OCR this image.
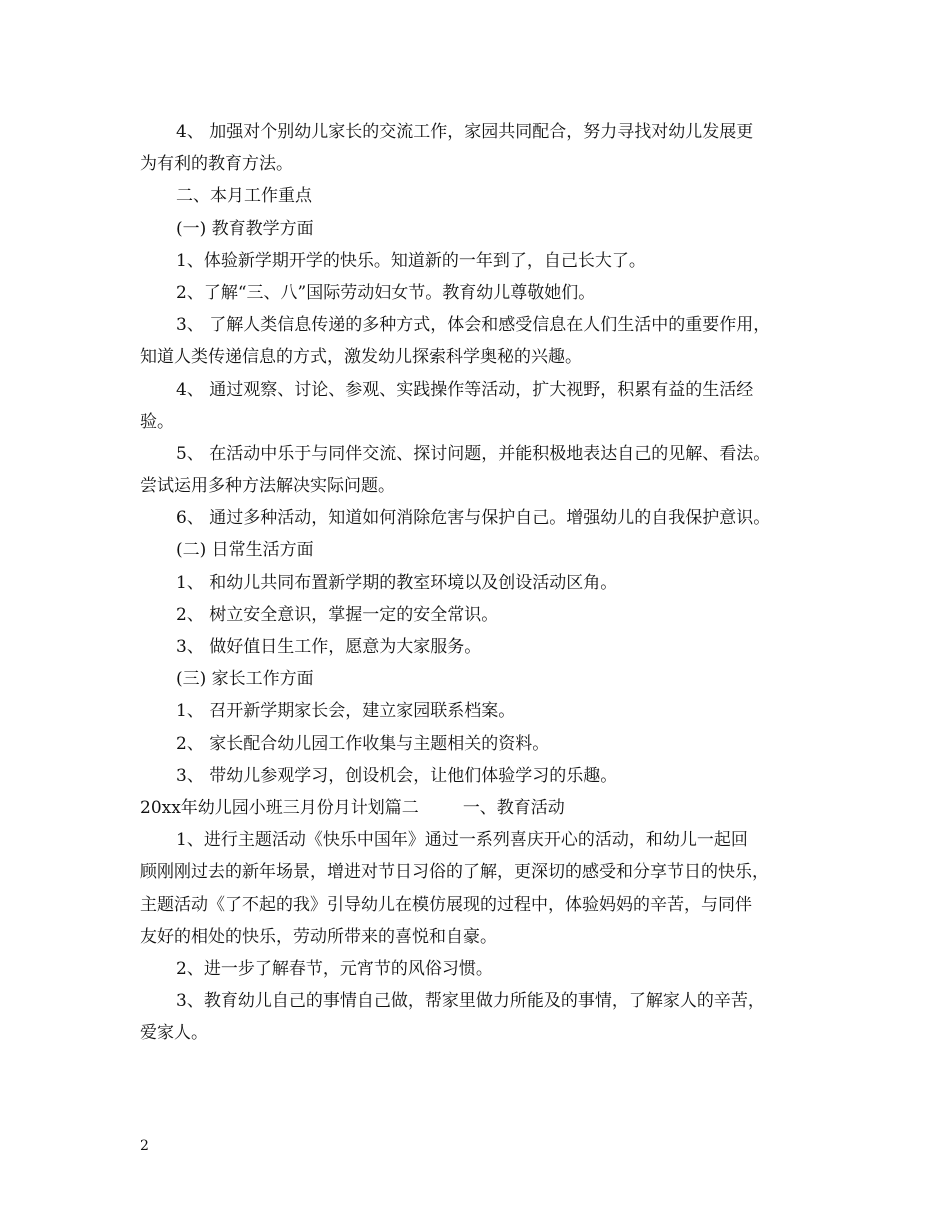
4、 加强对个别幼儿家长的交流工作，家园共同配合，努力寻找对幼儿发展更
为有利的教育方法。
二、本月工作重点
(一) 教育教学方面
1、体验新学期开学的快乐。知道新的一年到了，自己长大了。
2、了解“三、八”国际劳动妇女节。教育幼儿尊敬她们。
3、 了解人类信息传递的多种方式，体会和感受信息在人们生活中的重要作用，
知道人类传递信息的方式，激发幼儿探索科学奥秘的兴趣。
4、 通过观察、讨论、参观、实践操作等活动，扩大视野，积累有益的生活经
验。
5、 在活动中乐于与同伴交流、探讨问题，并能积极地表达自己的见解、看法。
尝试运用多种方法解决实际问题。
6、 通过多种活动，知道如何消除危害与保护自己。增强幼儿的自我保护意识。
(二) 日常生活方面
1、 和幼儿共同布置新学期的教室环境以及创设活动区角。
2、 树立安全意识，掌握一定的安全常识。
3、 做好值日生工作，愿意为大家服务。
(三) 家长工作方面
1、 召开新学期家长会，建立家园联系档案。
2、 家长配合幼儿园工作收集与主题相关的资料。
3、 带幼儿参观学习，创设机会，让他们体验学习的乐趣。
20xx年幼儿园小班三月份月计划篇二	一、教育活动
1、进行主题活动《快乐中国年》通过一系列喜庆开心的活动，和幼儿一起回
顾刚刚过去的新年场景，增进对节日习俗的了解，更深切的感受和分享节日的快乐，
主题活动《了不起的我》引导幼儿在模仿展现的过程中，体验妈妈的辛苦，与同伴
友好的相处的快乐，劳动所带来的喜悦和自豪。
2、进一步了解春节，元宵节的风俗习惯。
3、教育幼儿自己的事情自己做，帮家里做力所能及的事情，了解家人的辛苦，
爱家人。
2
